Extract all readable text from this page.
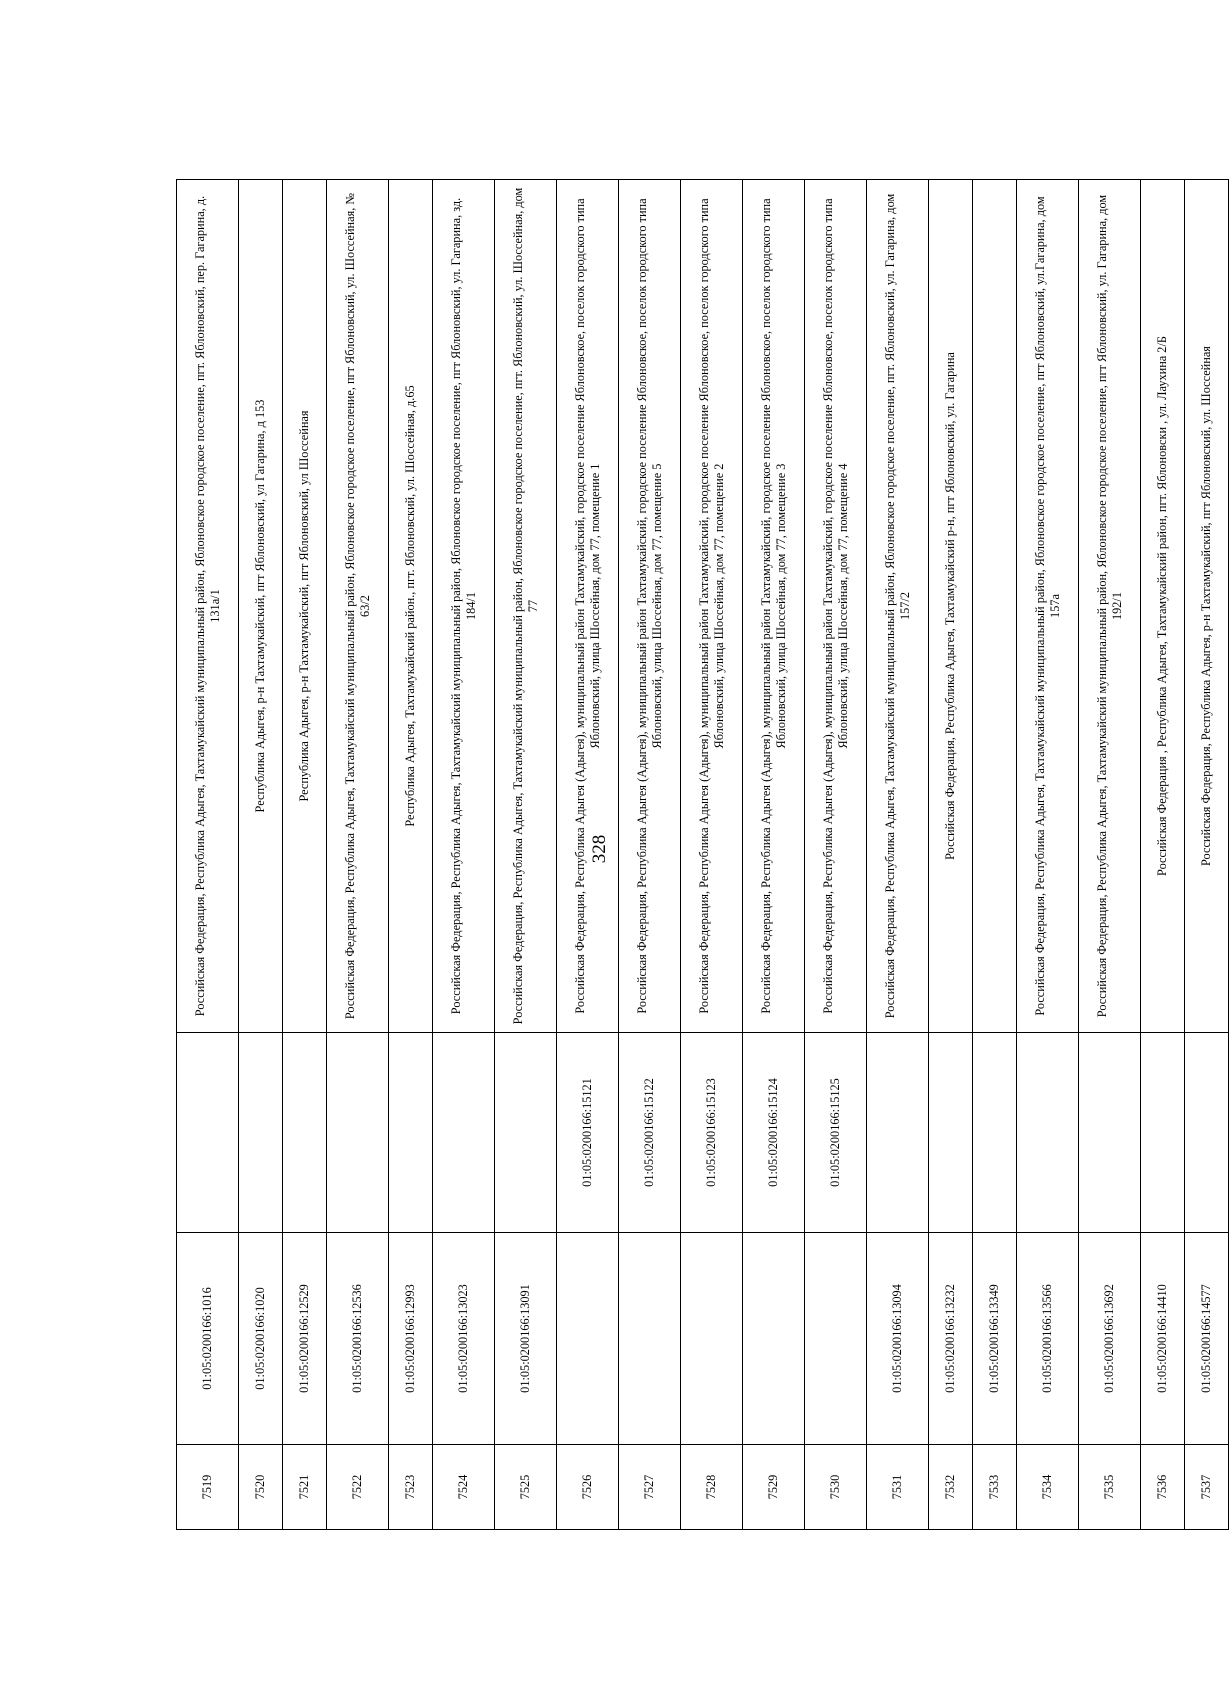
328
7519	01:05:0200166:1016		Российская Федерация, Республика Адыгея, Тахтамукайский муниципальный район, Яблоновское городское поселение, пгт. Яблоновский, пер. Гагарина, д. 131а/1
7520	01:05:0200166:1020		Республика Адыгея, р-н Тахтамукайский, пгт Яблоновский, ул Гагарина, д 153
7521	01:05:0200166:12529		Республика Адыгея, р-н Тахтамукайский, пгт Яблоновский, ул Шоссейная
7522	01:05:0200166:12536		Российская Федерация, Республика Адыгея, Тахтамукайский муниципальный район, Яблоновское городское поселение, пгт Яблоновский, ул. Шоссейная, № 63/2
7523	01:05:0200166:12993		Республика Адыгея, Тахтамукайский район., пгт. Яблоновский, ул. Шоссейная, д.65
7524	01:05:0200166:13023		Российская Федерация, Республика Адыгея, Тахтамукайский муниципальный район, Яблоновское городское поселение, пгт Яблоновский, ул. Гагарина, зд. 184/1
7525	01:05:0200166:13091		Российская Федерация, Республика Адыгея, Тахтамукайский муниципальный район, Яблоновское городское поселение, пгт. Яблоновский, ул. Шоссейная, дом 77
7526		01:05:0200166:15121	Российская Федерация, Республика Адыгея (Адыгея), муниципальный район Тахтамукайский, городское поселение Яблоновское, поселок городского типа Яблоновский, улица Шоссейная, дом 77, помещение 1
7527		01:05:0200166:15122	Российская Федерация, Республика Адыгея (Адыгея), муниципальный район Тахтамукайский, городское поселение Яблоновское, поселок городского типа Яблоновский, улица Шоссейная, дом 77, помещение 5
7528		01:05:0200166:15123	Российская Федерация, Республика Адыгея (Адыгея), муниципальный район Тахтамукайский, городское поселение Яблоновское, поселок городского типа Яблоновский, улица Шоссейная, дом 77, помещение 2
7529		01:05:0200166:15124	Российская Федерация, Республика Адыгея (Адыгея), муниципальный район Тахтамукайский, городское поселение Яблоновское, поселок городского типа Яблоновский, улица Шоссейная, дом 77, помещение 3
7530		01:05:0200166:15125	Российская Федерация, Республика Адыгея (Адыгея), муниципальный район Тахтамукайский, городское поселение Яблоновское, поселок городского типа Яблоновский, улица Шоссейная, дом 77, помещение 4
7531	01:05:0200166:13094		Российская Федерация, Республика Адыгея, Тахтамукайский муниципальный район, Яблоновское городское поселение, пгт. Яблоновский, ул. Гагарина, дом 157/2
7532	01:05:0200166:13232		Российская Федерация, Республика Адыгея, Тахтамукайский р-н, пгт Яблоновский, ул. Гагарина
7533	01:05:0200166:13349		
7534	01:05:0200166:13566		Российская Федерация, Республика Адыгея, Тахтамукайский муниципальный район, Яблоновское городское поселение, пгт Яблоновский, ул.Гагарина, дом 157а
7535	01:05:0200166:13692		Российская Федерация, Республика Адыгея, Тахтамукайский муниципальный район, Яблоновское городское поселение, пгт Яблоновский, ул. Гагарина, дом 192/1
7536	01:05:0200166:14410		Российская Федерация , Республика Адыгея, Тахтамукайский район, пгт. Яблоновски , ул. Лаухина 2/Б
7537	01:05:0200166:14577		Российская Федерация, Республика Адыгея, р-н Тахтамукайский, пгт Яблоновский, ул. Шоссейная
